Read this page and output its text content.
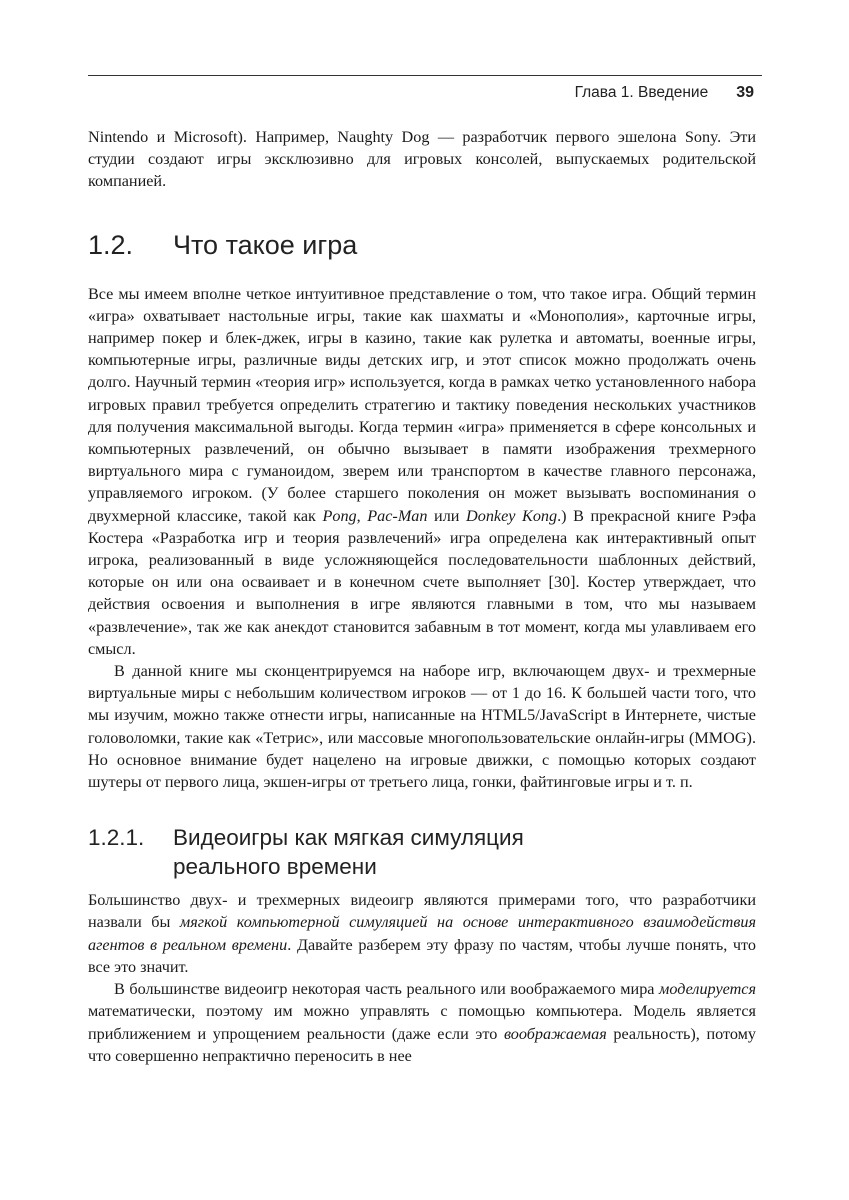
Глава 1. Введение 39

Nintendo и Microsoft). Например, Naughty Dog — разработчик первого эшелона Sony. Эти студии создают игры эксклюзивно для игровых консолей, выпускаемых родительской компанией.

1.2.	Что такое игра

Все мы имеем вполне четкое интуитивное представление о том, что такое игра. Общий термин «игра» охватывает настольные игры, такие как шахматы и «Монополия», карточные игры, например покер и блек-джек, игры в казино, такие как рулетка и автоматы, военные игры, компьютерные игры, различные виды детских игр, и этот список можно продолжать очень долго. Научный термин «теория игр» используется, когда в рамках четко установленного набора игровых правил требуется определить стратегию и тактику поведения нескольких участников для получения максимальной выгоды. Когда термин «игра» применяется в сфере консольных и компьютерных развлечений, он обычно вызывает в памяти изображения трехмерного виртуального мира с гуманоидом, зверем или транспортом в качестве главного персонажа, управляемого игроком. (У более старшего поколения он может вызывать воспоминания о двухмерной классике, такой как Pong, Pac-Man или Donkey Kong.) В прекрасной книге Рэфа Костера «Разработка игр и теория развлечений» игра определена как интерактивный опыт игрока, реализованный в виде усложняющейся последовательности шаблонных действий, которые он или она осваивает и в конечном счете выполняет [30]. Костер утверждает, что действия освоения и выполнения в игре являются главными в том, что мы называем «развлечение», так же как анекдот становится забавным в тот момент, когда мы улавливаем его смысл.

В данной книге мы сконцентрируемся на наборе игр, включающем двух- и трехмерные виртуальные миры с небольшим количеством игроков — от 1 до 16. К большей части того, что мы изучим, можно также отнести игры, написанные на HTML5/JavaScript в Интернете, чистые головоломки, такие как «Тетрис», или массовые многопользовательские онлайн-игры (MMOG). Но основное внимание будет нацелено на игровые движки, с помощью которых создают шутеры от первого лица, экшен-игры от третьего лица, гонки, файтинговые игры и т. п.

1.2.1.	Видеоигры как мягкая симуляция
реального времени

Большинство двух- и трехмерных видеоигр являются примерами того, что разработчики назвали бы мягкой компьютерной симуляцией на основе интерактивного взаимодействия агентов в реальном времени. Давайте разберем эту фразу по частям, чтобы лучше понять, что все это значит.

В большинстве видеоигр некоторая часть реального или воображаемого мира моделируется математически, поэтому им можно управлять с помощью компьютера. Модель является приближением и упрощением реальности (даже если это воображаемая реальность), потому что совершенно непрактично переносить в нее
